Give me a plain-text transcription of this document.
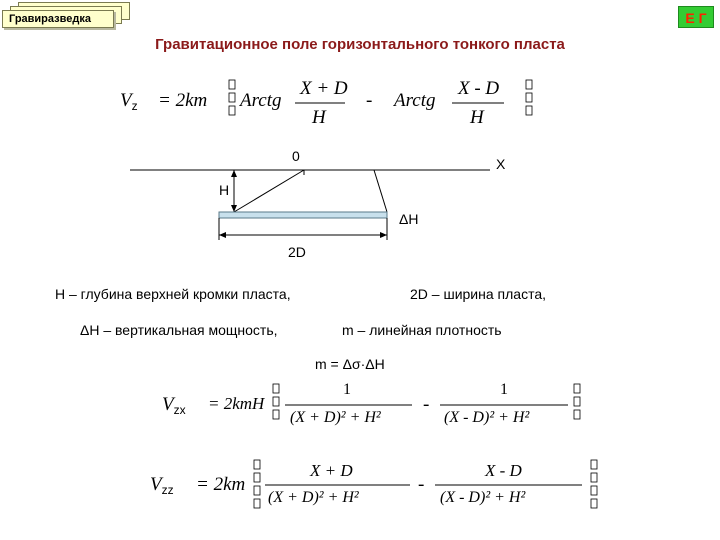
Гравиразведка	Е Г
Гравитационное поле горизонтального тонкого пласта
$V_z = 2km$ Arctg
X + D
H
- Arctg
X - D
H
0	X
H
ΔH
2D
H – глубина верхней кромки пласта,	2D – ширина пласта,
ΔH – вертикальная мощность,	m – линейная плотность
m = Δσ·ΔH
$V_{zx} = 2kmH$
1
(X + D)² + H²
-
1
(X - D)² + H²
$V_{zz} = 2km$
X + D
(X + D)² + H²
-
X - D
(X - D)² + H²
